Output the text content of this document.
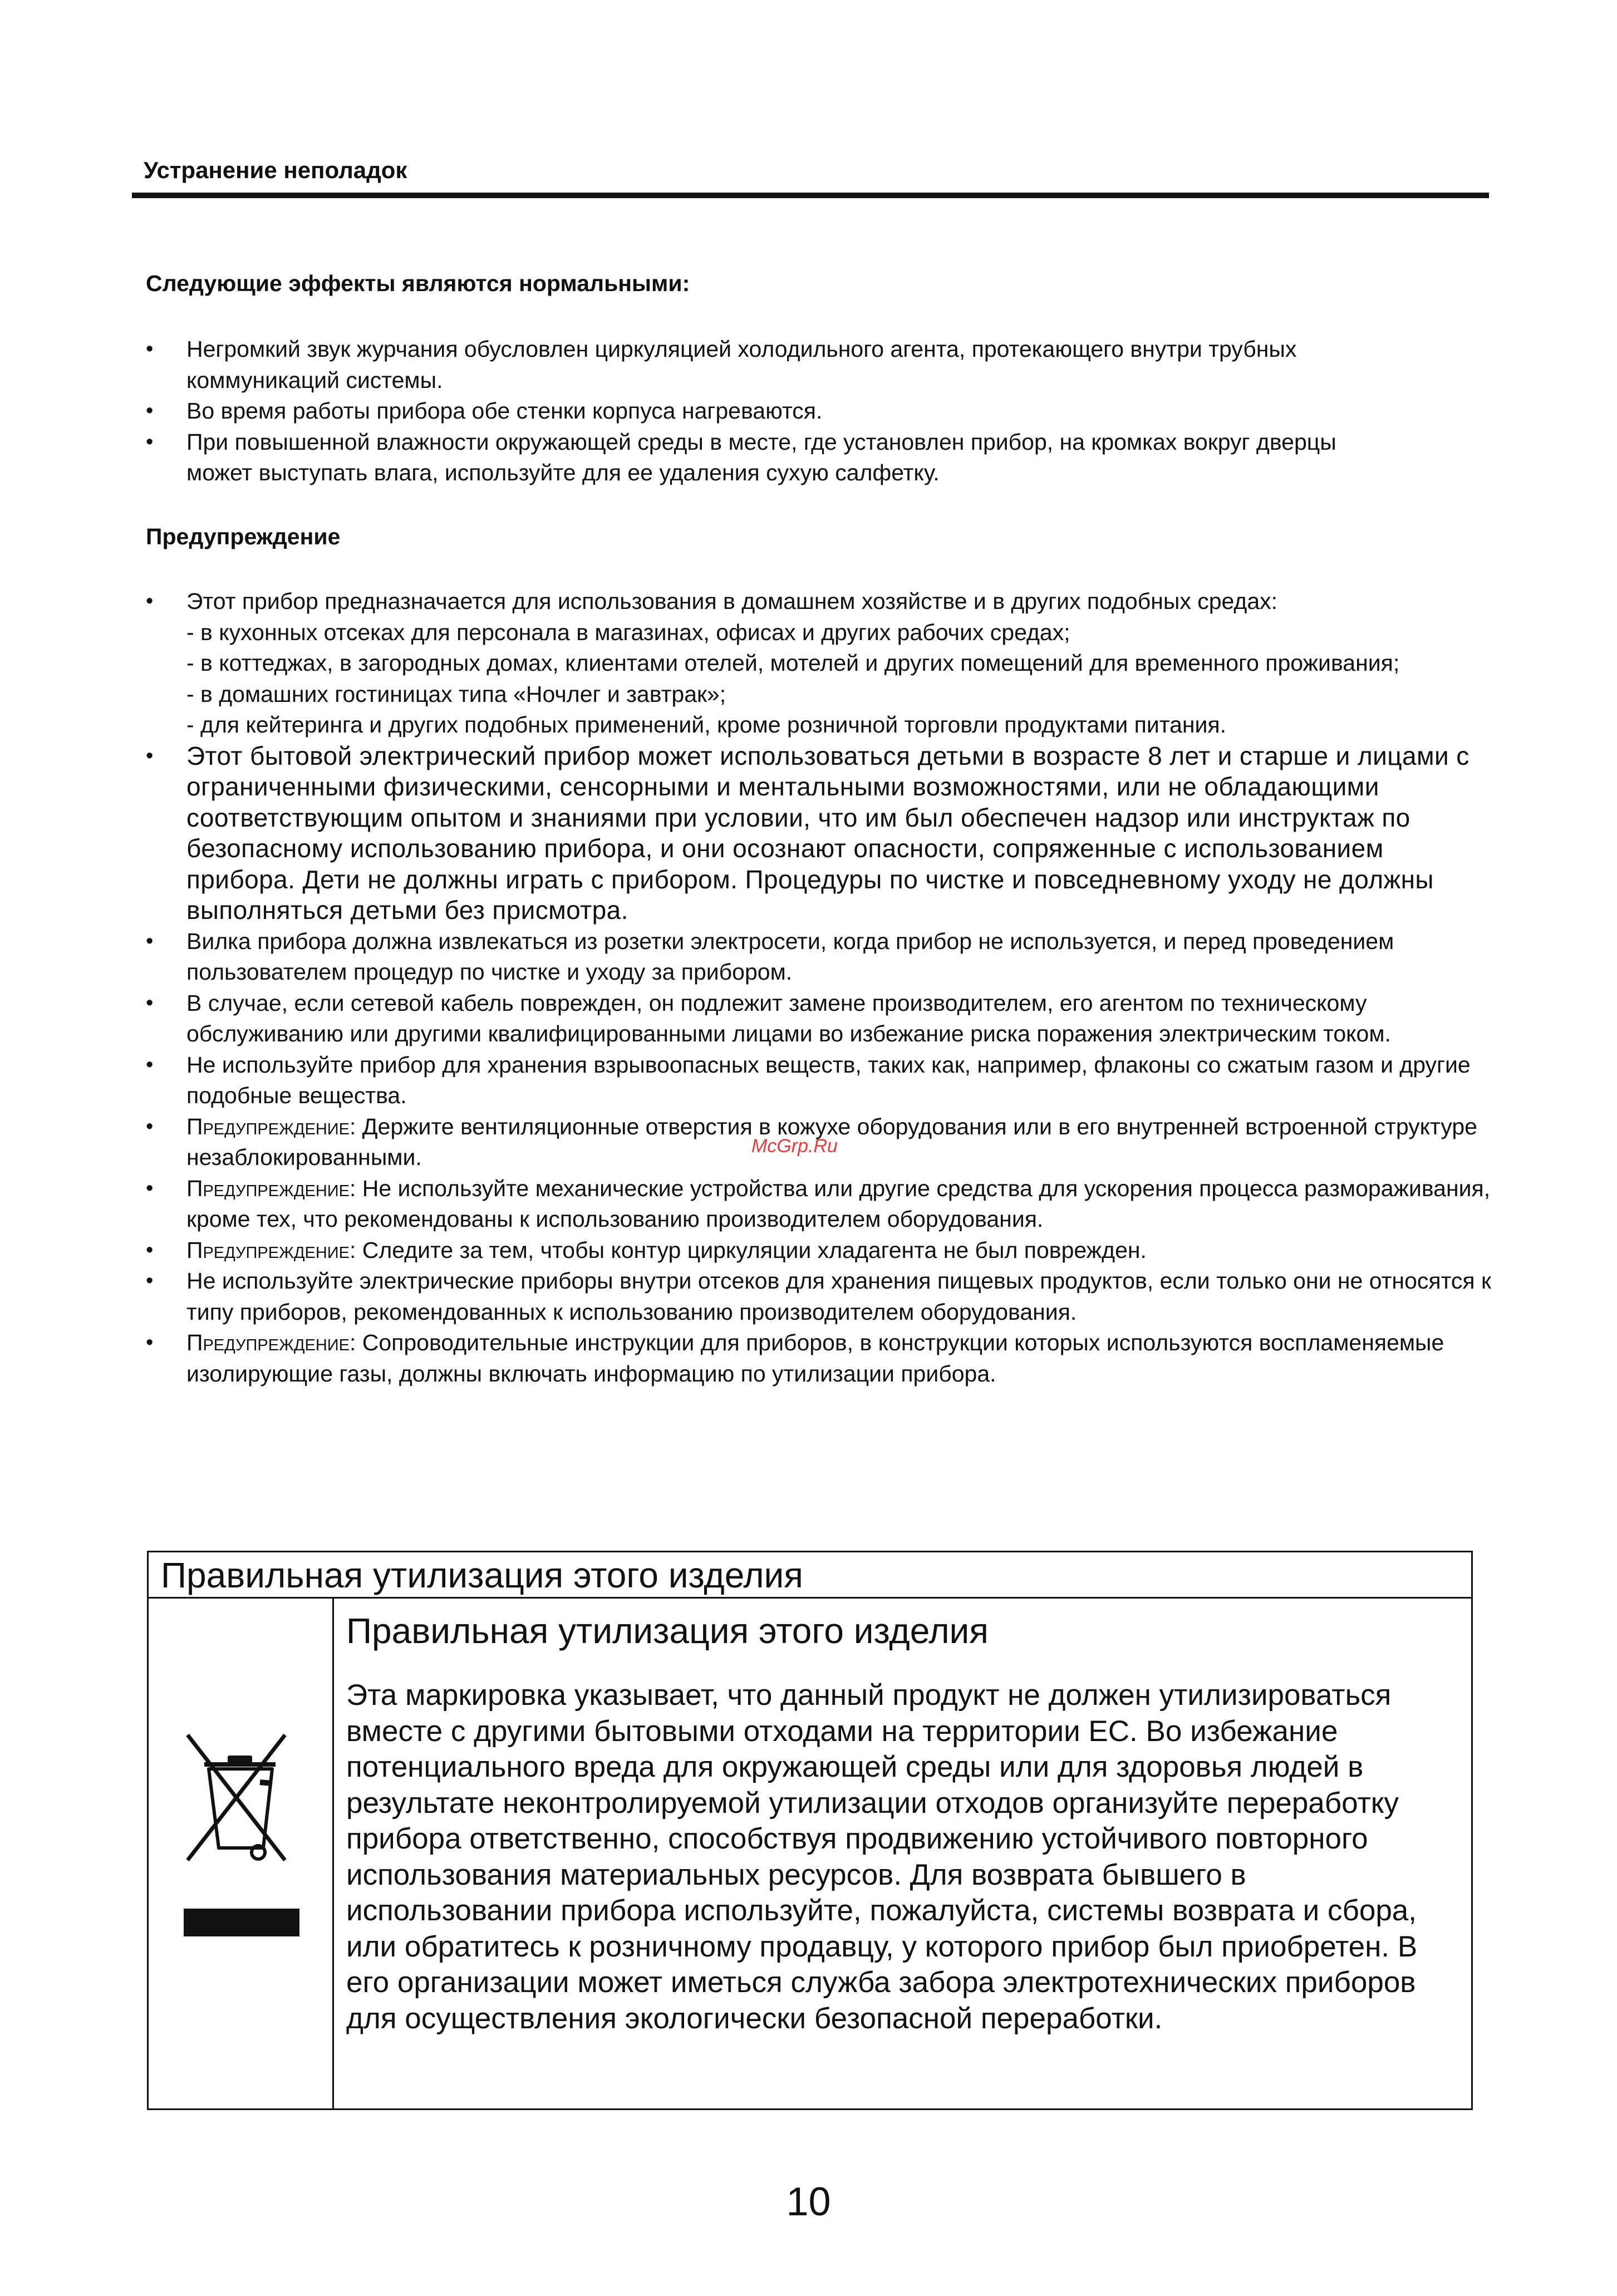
Устранение неполадок
Следующие эффекты являются нормальными:
•	Негромкий звук журчания обусловлен циркуляцией холодильного агента, протекающего внутри трубных коммуникаций системы.
•	Во время работы прибора обе стенки корпуса нагреваются.
•	При повышенной влажности окружающей среды в месте, где установлен прибор, на кромках вокруг дверцы может выступать влага, используйте для ее удаления сухую салфетку.
Предупреждение
•	Этот прибор предназначается для использования в домашнем хозяйстве и в других подобных средах:
- в кухонных отсеках для персонала в магазинах, офисах и других рабочих средах;
- в коттеджах, в загородных домах, клиентами отелей, мотелей и других помещений для временного проживания;
- в домашних гостиницах типа «Ночлег и завтрак»;
- для кейтеринга и других подобных применений, кроме розничной торговли продуктами питания.
•	Этот бытовой электрический прибор может использоваться детьми в возрасте 8 лет и старше и лицами с ограниченными физическими, сенсорными и ментальными возможностями, или не обладающими соответствующим опытом и знаниями при условии, что им был обеспечен надзор или инструктаж по безопасному использованию прибора, и они осознают опасности, сопряженные с использованием прибора. Дети не должны играть с прибором. Процедуры по чистке и повседневному уходу не должны выполняться детьми без присмотра.
•	Вилка прибора должна извлекаться из розетки электросети, когда прибор не используется, и перед проведением пользователем процедур по чистке и уходу за прибором.
•	В случае, если сетевой кабель поврежден, он подлежит замене производителем, его агентом по техническому обслуживанию или другими квалифицированными лицами во избежание риска поражения электрическим током.
•	Не используйте прибор для хранения взрывоопасных веществ, таких как, например, флаконы со сжатым газом и другие подобные вещества.
•	Предупреждение: Держите вентиляционные отверстия в кожухе оборудования или в его внутренней встроенной структуре незаблокированными.
•	Предупреждение: Не используйте механические устройства или другие средства для ускорения процесса размораживания, кроме тех, что рекомендованы к использованию производителем оборудования.
•	Предупреждение: Следите за тем, чтобы контур циркуляции хладагента не был поврежден.
•	Не используйте электрические приборы внутри отсеков для хранения пищевых продуктов, если только они не относятся к типу приборов, рекомендованных к использованию производителем оборудования.
•	Предупреждение: Сопроводительные инструкции для приборов, в конструкции которых используются воспламеняемые изолирующие газы, должны включать информацию по утилизации прибора.
McGrp.Ru
Правильная утилизация этого изделия
Правильная утилизация этого изделия
Эта маркировка указывает, что данный продукт не должен утилизироваться вместе с другими бытовыми отходами на территории ЕС. Во избежание потенциального вреда для окружающей среды или для здоровья людей в результате неконтролируемой утилизации отходов организуйте переработку прибора ответственно, способствуя продвижению устойчивого повторного использования материальных ресурсов. Для возврата бывшего в использовании прибора используйте, пожалуйста, системы возврата и сбора, или обратитесь к розничному продавцу, у которого прибор был приобретен. В его организации может иметься служба забора электротехнических приборов для осуществления экологически безопасной переработки.
10
